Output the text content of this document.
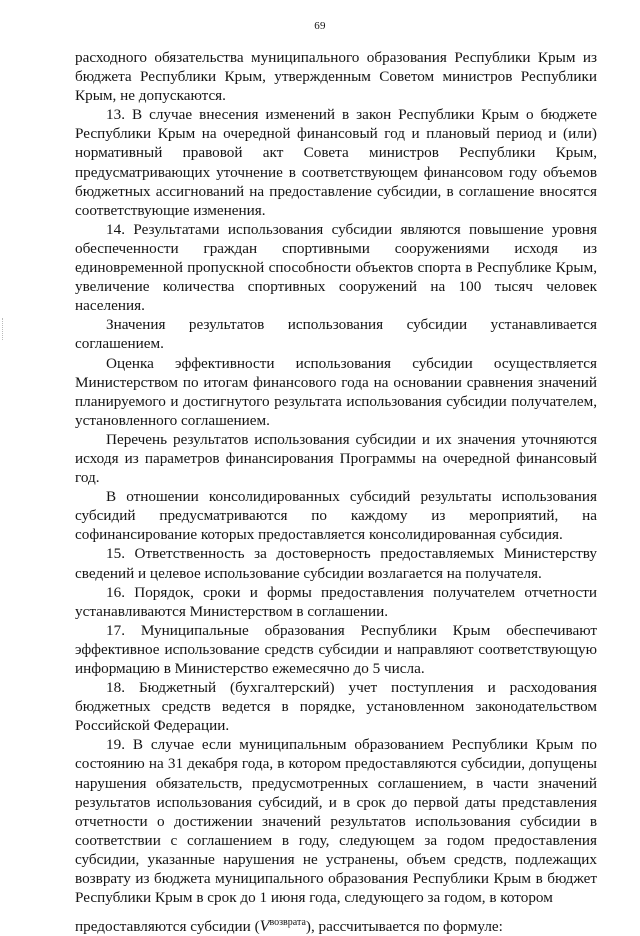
69

расходного обязательства муниципального образования Республики Крым из бюджета Республики Крым, утвержденным Советом министров Республики Крым, не допускаются.

13. В случае внесения изменений в закон Республики Крым о бюджете Республики Крым на очередной финансовый год и плановый период и (или) нормативный правовой акт Совета министров Республики Крым, предусматривающих уточнение в соответствующем финансовом году объемов бюджетных ассигнований на предоставление субсидии, в соглашение вносятся соответствующие изменения.

14. Результатами использования субсидии являются повышение уровня обеспеченности граждан спортивными сооружениями исходя из единовременной пропускной способности объектов спорта в Республике Крым, увеличение количества спортивных сооружений на 100 тысяч человек населения.

Значения результатов использования субсидии устанавливается соглашением.

Оценка эффективности использования субсидии осуществляется Министерством по итогам финансового года на основании сравнения значений планируемого и достигнутого результата использования субсидии получателем, установленного соглашением.

Перечень результатов использования субсидии и их значения уточняются исходя из параметров финансирования Программы на очередной финансовый год.

В отношении консолидированных субсидий результаты использования субсидий предусматриваются по каждому из мероприятий, на софинансирование которых предоставляется консолидированная субсидия.

15. Ответственность за достоверность предоставляемых Министерству сведений и целевое использование субсидии возлагается на получателя.

16. Порядок, сроки и формы предоставления получателем отчетности устанавливаются Министерством в соглашении.

17. Муниципальные образования Республики Крым обеспечивают эффективное использование средств субсидии и направляют соответствующую информацию в Министерство ежемесячно до 5 числа.

18. Бюджетный (бухгалтерский) учет поступления и расходования бюджетных средств ведется в порядке, установленном законодательством Российской Федерации.

19. В случае если муниципальным образованием Республики Крым по состоянию на 31 декабря года, в котором предоставляются субсидии, допущены нарушения обязательств, предусмотренных соглашением, в части значений результатов использования субсидий, и в срок до первой даты представления отчетности о достижении значений результатов использования субсидии в соответствии с соглашением в году, следующем за годом предоставления субсидии, указанные нарушения не устранены, объем средств, подлежащих возврату из бюджета муниципального образования Республики Крым в бюджет Республики Крым в срок до 1 июня года, следующего за годом, в котором

предоставляются субсидии $(V^{возврата})$, рассчитывается по формуле:
